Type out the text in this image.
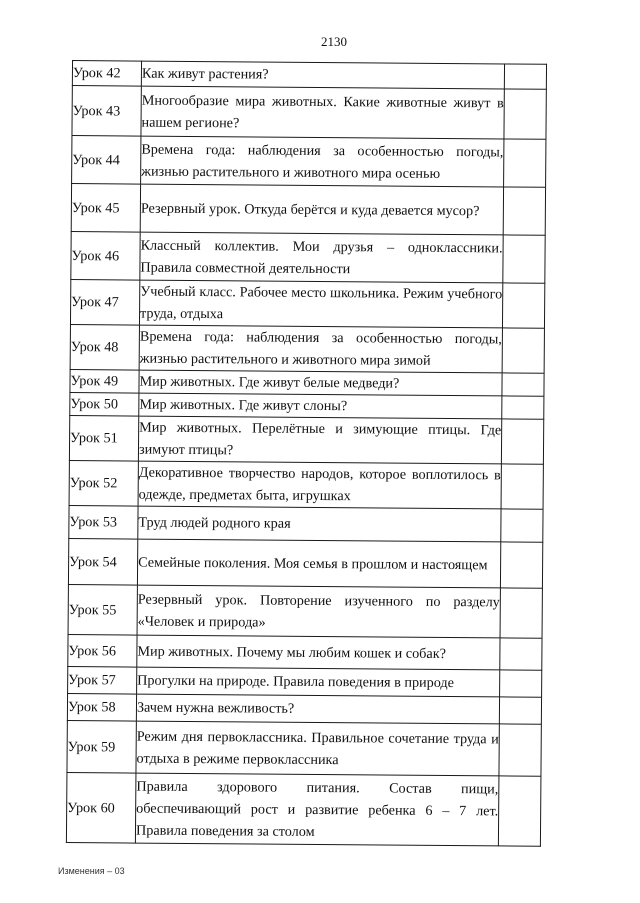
2130
Урок 42	Как живут растения?	
Урок 43	Многообразие мира животных. Какие животные живут в нашем регионе?	
Урок 44	Времена года: наблюдения за особенностью погоды, жизнью растительного и животного мира осенью	
Урок 45	Резервный урок. Откуда берётся и куда девается мусор?	
Урок 46	Классный коллектив. Мои друзья – одноклассники. Правила совместной деятельности	
Урок 47	Учебный класс. Рабочее место школьника. Режим учебного труда, отдыха	
Урок 48	Времена года: наблюдения за особенностью погоды, жизнью растительного и животного мира зимой	
Урок 49	Мир животных. Где живут белые медведи?	
Урок 50	Мир животных. Где живут слоны?	
Урок 51	Мир животных. Перелётные и зимующие птицы. Где зимуют птицы?	
Урок 52	Декоративное творчество народов, которое воплотилось в одежде, предметах быта, игрушках	
Урок 53	Труд людей родного края	
Урок 54	Семейные поколения. Моя семья в прошлом и настоящем	
Урок 55	Резервный урок. Повторение изученного по разделу «Человек и природа»	
Урок 56	Мир животных. Почему мы любим кошек и собак?	
Урок 57	Прогулки на природе. Правила поведения в природе	
Урок 58	Зачем нужна вежливость?	
Урок 59	Режим дня первоклассника. Правильное сочетание труда и отдыха в режиме первоклассника	
Урок 60	Правила здорового питания. Состав пищи, обеспечивающий рост и развитие ребенка 6 – 7 лет. Правила поведения за столом	
Изменения – 03
